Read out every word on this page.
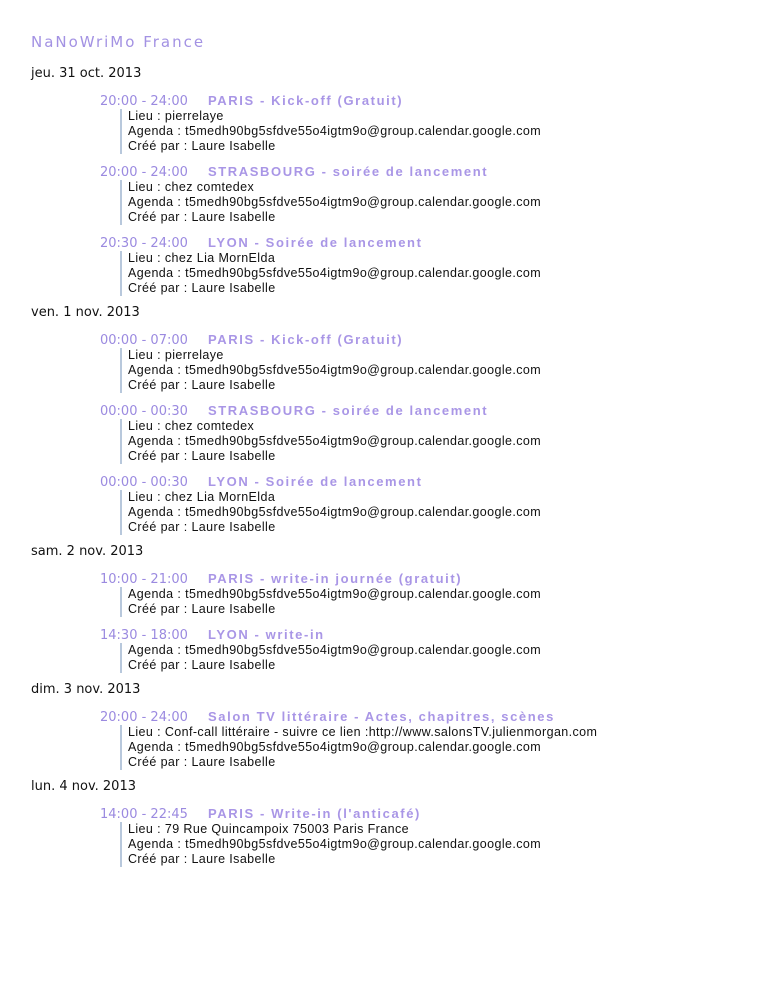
NaNoWriMo France
jeu. 31 oct. 2013
20:00 - 24:00 PARIS - Kick-off (Gratuit)
Lieu : pierrelaye
Agenda : t5medh90bg5sfdve55o4igtm9o@group.calendar.google.com
Créé par : Laure Isabelle
20:00 - 24:00 STRASBOURG - soirée de lancement
Lieu : chez comtedex
Agenda : t5medh90bg5sfdve55o4igtm9o@group.calendar.google.com
Créé par : Laure Isabelle
20:30 - 24:00 LYON - Soirée de lancement
Lieu : chez Lia MornElda
Agenda : t5medh90bg5sfdve55o4igtm9o@group.calendar.google.com
Créé par : Laure Isabelle
ven. 1 nov. 2013
00:00 - 07:00 PARIS - Kick-off (Gratuit)
Lieu : pierrelaye
Agenda : t5medh90bg5sfdve55o4igtm9o@group.calendar.google.com
Créé par : Laure Isabelle
00:00 - 00:30 STRASBOURG - soirée de lancement
Lieu : chez comtedex
Agenda : t5medh90bg5sfdve55o4igtm9o@group.calendar.google.com
Créé par : Laure Isabelle
00:00 - 00:30 LYON - Soirée de lancement
Lieu : chez Lia MornElda
Agenda : t5medh90bg5sfdve55o4igtm9o@group.calendar.google.com
Créé par : Laure Isabelle
sam. 2 nov. 2013
10:00 - 21:00 PARIS - write-in journée (gratuit)
Agenda : t5medh90bg5sfdve55o4igtm9o@group.calendar.google.com
Créé par : Laure Isabelle
14:30 - 18:00 LYON - write-in
Agenda : t5medh90bg5sfdve55o4igtm9o@group.calendar.google.com
Créé par : Laure Isabelle
dim. 3 nov. 2013
20:00 - 24:00 Salon TV littéraire - Actes, chapitres, scènes
Lieu : Conf-call littéraire - suivre ce lien :http://www.salonsTV.julienmorgan.com
Agenda : t5medh90bg5sfdve55o4igtm9o@group.calendar.google.com
Créé par : Laure Isabelle
lun. 4 nov. 2013
14:00 - 22:45 PARIS - Write-in (l'anticafé)
Lieu : 79 Rue Quincampoix 75003 Paris France
Agenda : t5medh90bg5sfdve55o4igtm9o@group.calendar.google.com
Créé par : Laure Isabelle
